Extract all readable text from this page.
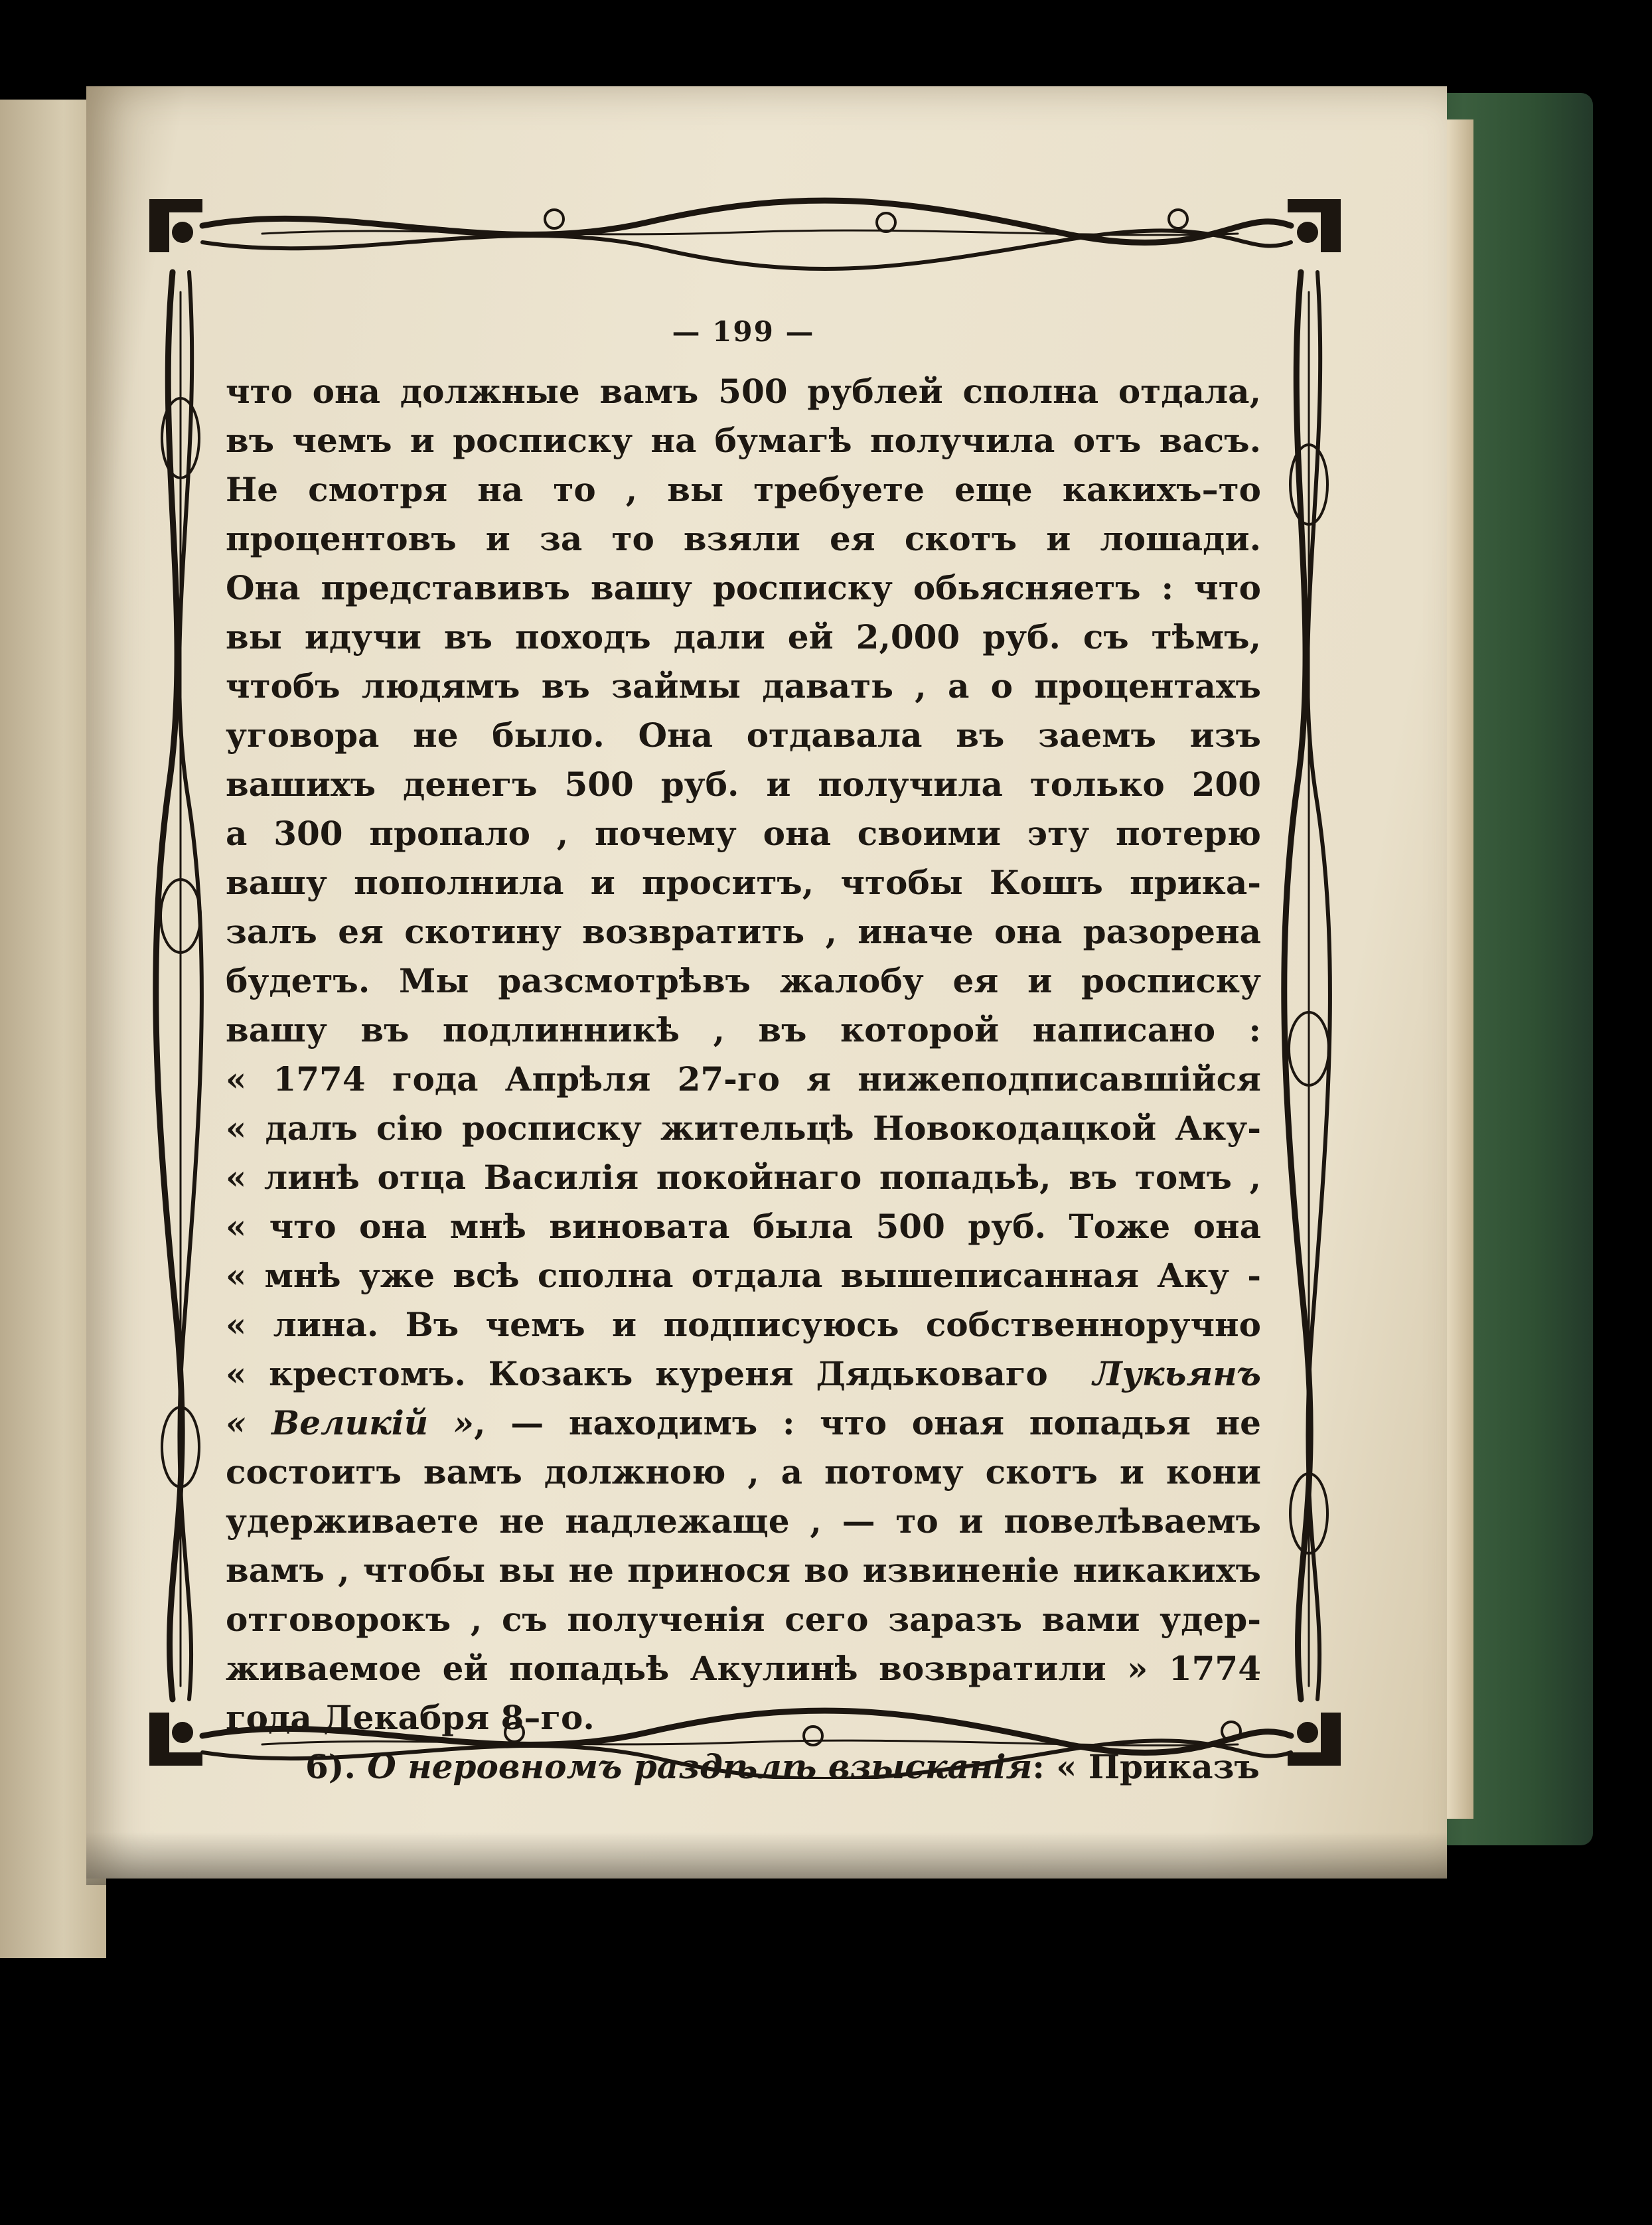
— 199 —
что она должные вамъ 500 рублей сполна отдала,
въ чемъ и росписку на бумагѣ получила отъ васъ.
Не смотря на то , вы требуете еще какихъ–то
процентовъ и за то взяли ея скотъ и лошади.
Она представивъ вашу росписку обьясняетъ : что
вы идучи въ походъ дали ей 2,000 руб. съ тѣмъ,
чтобъ людямъ въ займы давать , а о процентахъ
уговора не было. Она отдавала въ заемъ изъ
вашихъ денегъ 500 руб. и получила только 200
а 300 пропало , почему она своими эту потерю
вашу пополнила и проситъ, чтобы Кошъ прика-
залъ ея скотину возвратить , иначе она разорена
будетъ. Мы разсмотрѣвъ жалобу ея и росписку
вашу въ подлинникѣ , въ которой написано :
« 1774 года Апрѣля 27-го я нижеподписавшійся
« далъ сію росписку жительцѣ Новокодацкой Аку-
« линѣ отца Василія покойнаго попадьѣ, въ томъ ,
« что она мнѣ виновата была 500 руб. Тоже она
« мнѣ уже всѣ сполна отдала вышеписанная Аку -
« лина. Въ чемъ и подписуюсь собственноручно
« крестомъ. Козакъ куреня Дядьковаго Лукьянъ
« Великій », — находимъ : что оная попадья не
состоитъ вамъ должною , а потому скотъ и кони
удерживаете не надлежаще , — то и повелѣваемъ
вамъ , чтобы вы не принося во извиненіе никакихъ
отговорокъ , съ полученія сего заразъ вами удер-
живаемое ей попадьѣ Акулинѣ возвратили » 1774
года Декабря 8–го.
6). О неровномъ раздѣлѣ взысканія: « Приказъ
